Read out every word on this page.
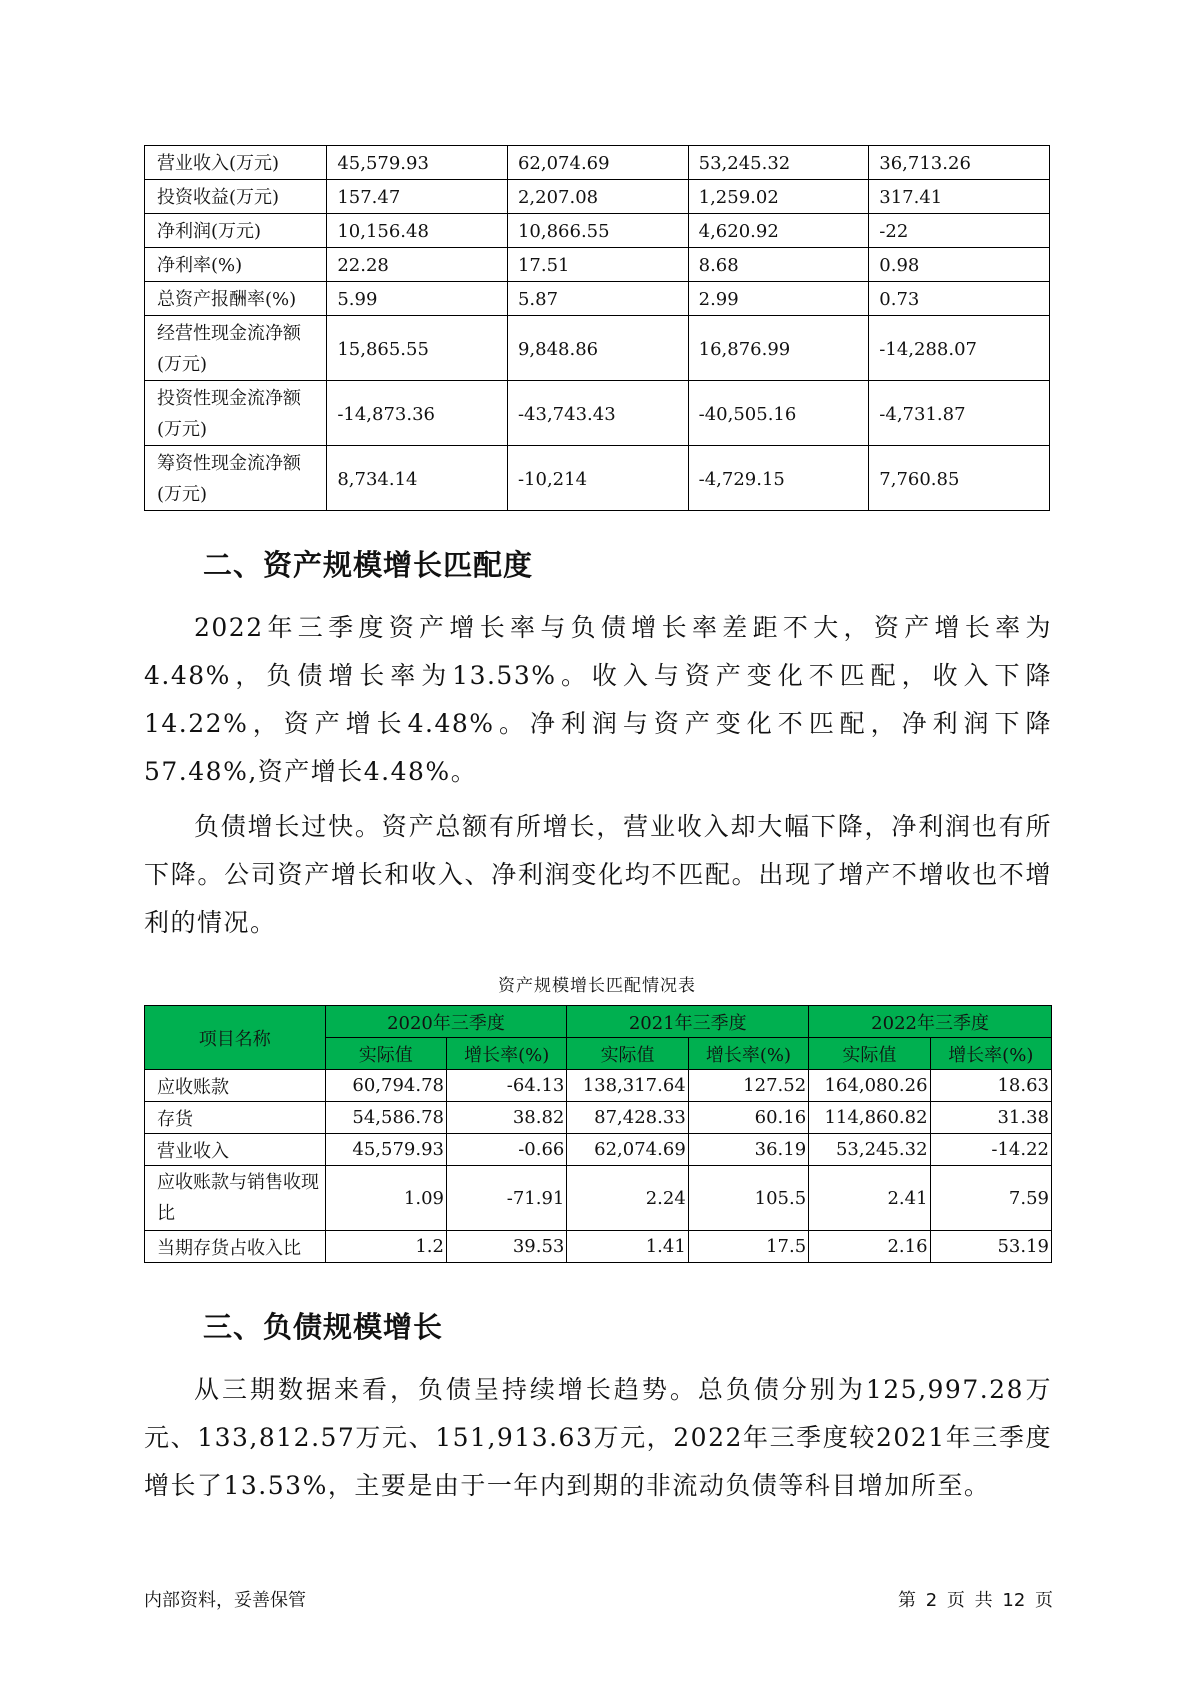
营业收入(万元)	45,579.93	62,074.69	53,245.32	36,713.26
投资收益(万元)	157.47	2,207.08	1,259.02	317.41
净利润(万元)	10,156.48	10,866.55	4,620.92	-22
净利率(%)	22.28	17.51	8.68	0.98
总资产报酬率(%)	5.99	5.87	2.99	0.73
经营性现金流净额(万元)	15,865.55	9,848.86	16,876.99	-14,288.07
投资性现金流净额(万元)	-14,873.36	-43,743.43	-40,505.16	-4,731.87
筹资性现金流净额(万元)	8,734.14	-10,214	-4,729.15	7,760.85
二、资产规模增长匹配度

2022年三季度资产增长率与负债增长率差距不大，资产增长率为4.48%，负债增长率为13.53%。收入与资产变化不匹配，收入下降14.22%，资产增长4.48%。净利润与资产变化不匹配，净利润下降57.48%,资产增长4.48%。

负债增长过快。资产总额有所增长，营业收入却大幅下降，净利润也有所下降。公司资产增长和收入、净利润变化均不匹配。出现了增产不增收也不增利的情况。

资产规模增长匹配情况表
项目名称	2020年三季度		2021年三季度		2022年三季度	
	实际值	增长率(%)	实际值	增长率(%)	实际值	增长率(%)
应收账款	60,794.78	-64.13	138,317.64	127.52	164,080.26	18.63
存货	54,586.78	38.82	87,428.33	60.16	114,860.82	31.38
营业收入	45,579.93	-0.66	62,074.69	36.19	53,245.32	-14.22
应收账款与销售收现比	1.09	-71.91	2.24	105.5	2.41	7.59
当期存货占收入比	1.2	39.53	1.41	17.5	2.16	53.19
三、负债规模增长

从三期数据来看，负债呈持续增长趋势。总负债分别为125,997.28万元、133,812.57万元、151,913.63万元，2022年三季度较2021年三季度增长了13.53%，主要是由于一年内到期的非流动负债等科目增加所至。

内部资料，妥善保管	第 2 页 共 12 页
